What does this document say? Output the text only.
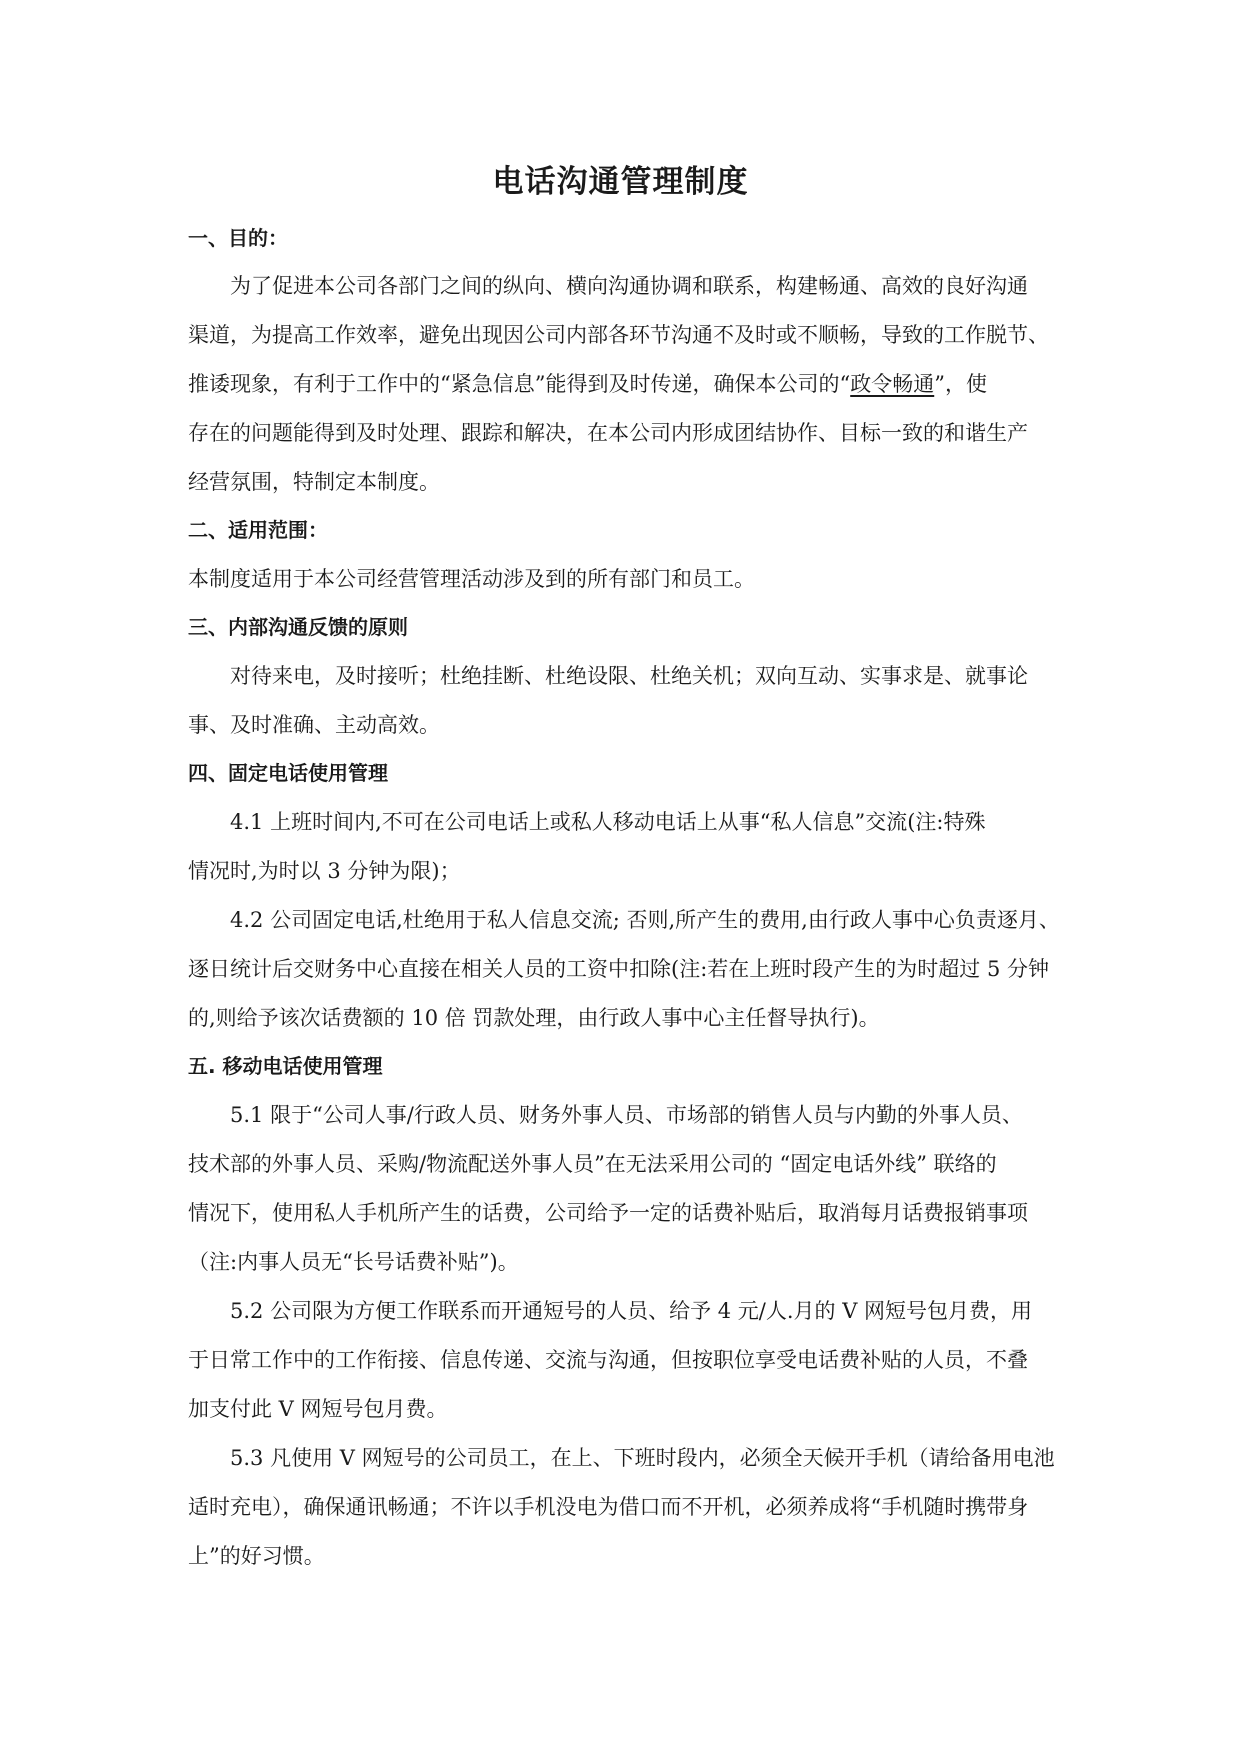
电话沟通管理制度
一、目的：
为了促进本公司各部门之间的纵向、横向沟通协调和联系，构建畅通、高效的良好沟通
渠道，为提高工作效率，避免出现因公司内部各环节沟通不及时或不顺畅，导致的工作脱节、
推诿现象，有利于工作中的“紧急信息”能得到及时传递，确保本公司的“政令畅通”，使
存在的问题能得到及时处理、跟踪和解决，在本公司内形成团结协作、目标一致的和谐生产
经营氛围，特制定本制度。
二、适用范围：
本制度适用于本公司经营管理活动涉及到的所有部门和员工。
三、内部沟通反馈的原则
对待来电，及时接听；杜绝挂断、杜绝设限、杜绝关机；双向互动、实事求是、就事论
事、及时准确、主动高效。
四、固定电话使用管理
4.1 上班时间内,不可在公司电话上或私人移动电话上从事“私人信息”交流(注:特殊
情况时,为时以 3 分钟为限)；
4.2 公司固定电话,杜绝用于私人信息交流; 否则,所产生的费用,由行政人事中心负责逐月、
逐日统计后交财务中心直接在相关人员的工资中扣除(注:若在上班时段产生的为时超过 5 分钟
的,则给予该次话费额的 10 倍 罚款处理，由行政人事中心主任督导执行)。
五. 移动电话使用管理
5.1 限于“公司人事/行政人员、财务外事人员、市场部的销售人员与内勤的外事人员、
技术部的外事人员、采购/物流配送外事人员”在无法采用公司的 “固定电话外线” 联络的
情况下，使用私人手机所产生的话费，公司给予一定的话费补贴后，取消每月话费报销事项
（注:内事人员无“长号话费补贴”)。
5.2 公司限为方便工作联系而开通短号的人员、给予 4 元/人.月的 V 网短号包月费，用
于日常工作中的工作衔接、信息传递、交流与沟通，但按职位享受电话费补贴的人员，不叠
加支付此 V 网短号包月费。
5.3 凡使用 V 网短号的公司员工，在上、下班时段内，必须全天候开手机（请给备用电池
适时充电），确保通讯畅通；不许以手机没电为借口而不开机，必须养成将“手机随时携带身
上”的好习惯。
